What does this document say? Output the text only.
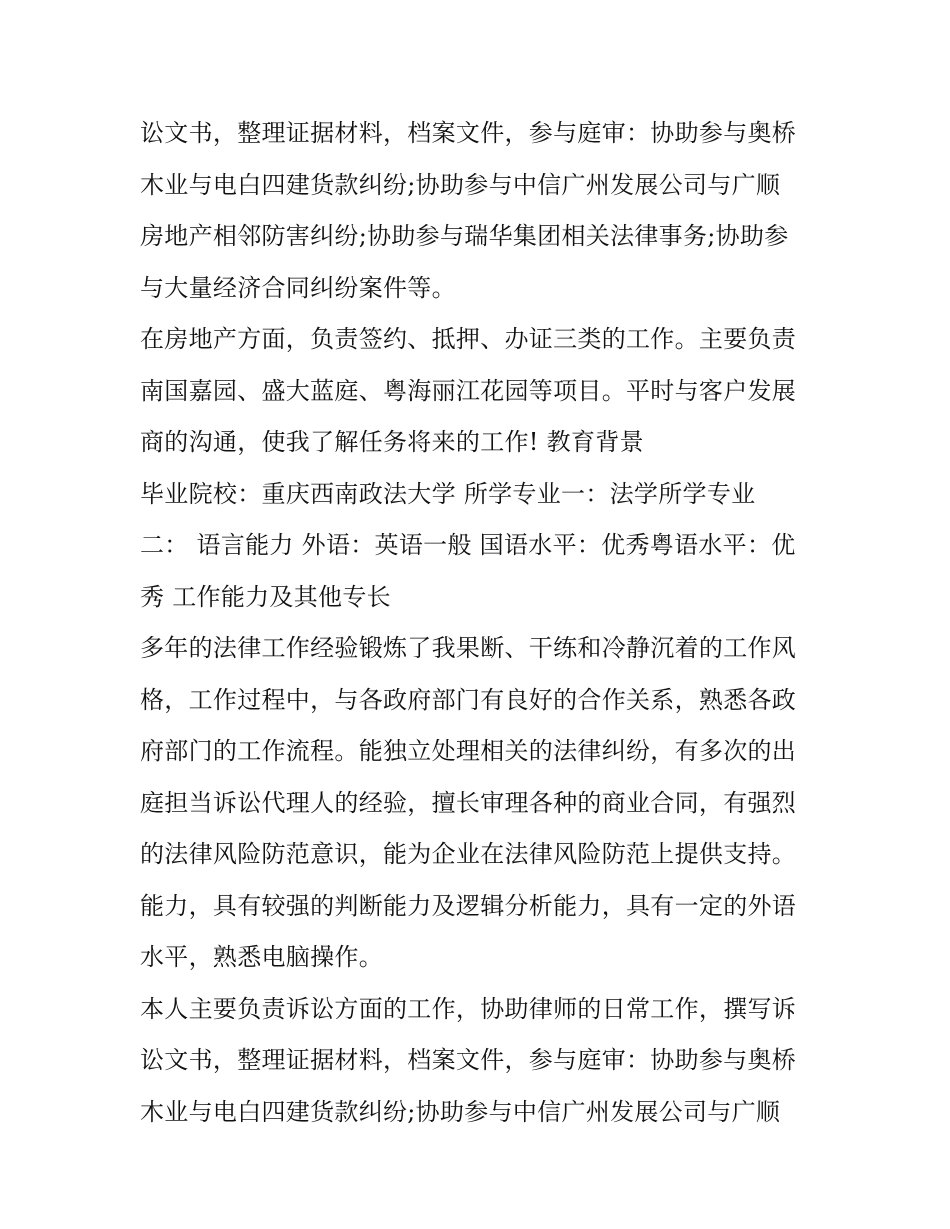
讼文书，整理证据材料，档案文件，参与庭审：协助参与奥桥
木业与电白四建货款纠纷;协助参与中信广州发展公司与广顺
房地产相邻防害纠纷;协助参与瑞华集团相关法律事务;协助参
与大量经济合同纠纷案件等。
在房地产方面，负责签约、抵押、办证三类的工作。主要负责
南国嘉园、盛大蓝庭、粤海丽江花园等项目。平时与客户发展
商的沟通，使我了解任务将来的工作! 教育背景
毕业院校：重庆西南政法大学 所学专业一：法学所学专业
二： 语言能力 外语：英语一般 国语水平：优秀粤语水平：优
秀 工作能力及其他专长
多年的法律工作经验锻炼了我果断、干练和冷静沉着的工作风
格，工作过程中，与各政府部门有良好的合作关系，熟悉各政
府部门的工作流程。能独立处理相关的法律纠纷，有多次的出
庭担当诉讼代理人的经验，擅长审理各种的商业合同，有强烈
的法律风险防范意识，能为企业在法律风险防范上提供支持。
能力，具有较强的判断能力及逻辑分析能力，具有一定的外语
水平，熟悉电脑操作。
本人主要负责诉讼方面的工作，协助律师的日常工作，撰写诉
讼文书，整理证据材料，档案文件，参与庭审：协助参与奥桥
木业与电白四建货款纠纷;协助参与中信广州发展公司与广顺
